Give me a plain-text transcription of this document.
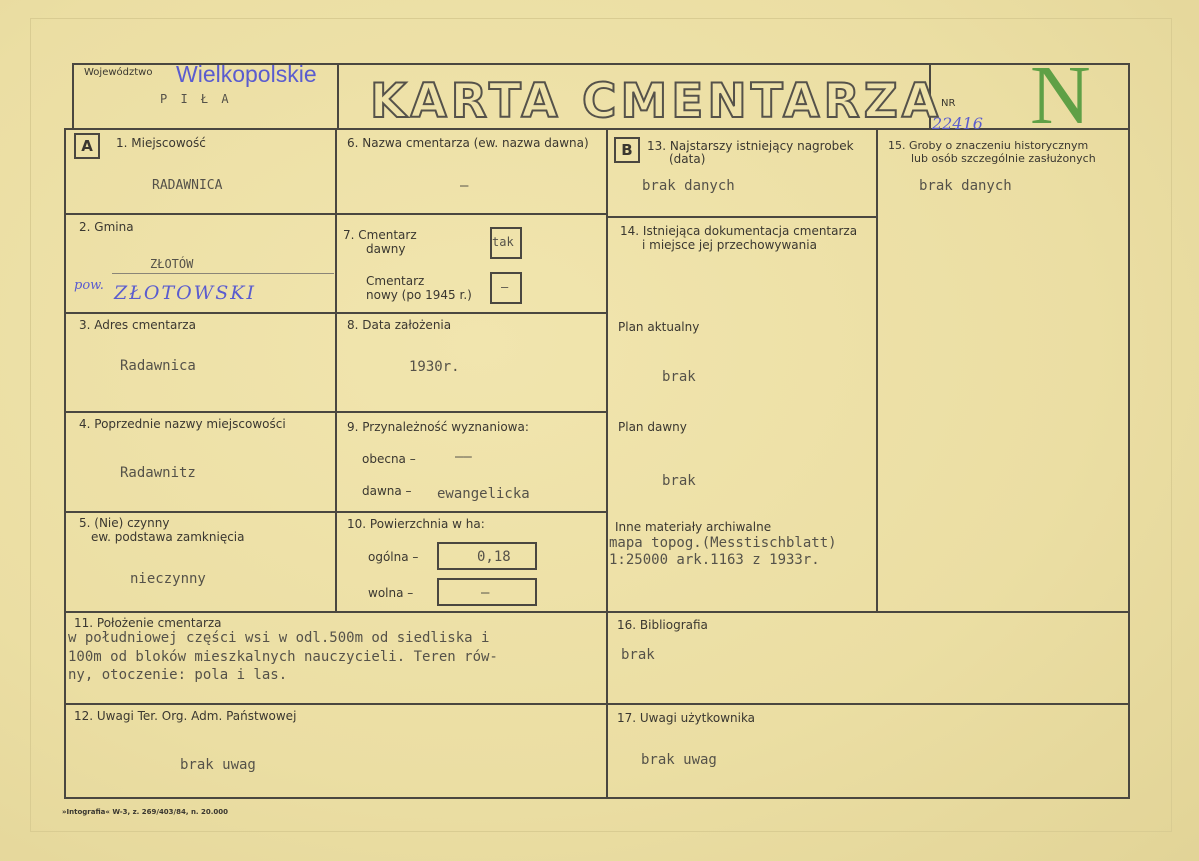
Województwo Wielkopolskie
P I Ł A	KARTA CMENTARZA
NR
22416 N
A	B
1. Miejscowość
RADAWNICA
2. Gmina
ZŁOTÓW
pow. ZŁOTOWSKI
3. Adres cmentarza
Radawnica
4. Poprzednie nazwy miejscowości
Radawnitz
5. (Nie) czynny
ew. podstawa zamknięcia
nieczynny
6. Nazwa cmentarza (ew. nazwa dawna)
–
7. Cmentarz
dawny	tak
Cmentarz
nowy (po 1945 r.)
–
8. Data założenia
1930r.
9. Przynależność wyznaniowa:
obecna –	––
dawna – ewangelicka
10. Powierzchnia w ha:
ogólna –	0,18
wolna –	–
13. Najstarszy istniejący nagrobek
(data)
brak danych
14. Istniejąca dokumentacja cmentarza
i miejsce jej przechowywania
Plan aktualny
brak
Plan dawny
brak
Inne materiały archiwalne
mapa topog.(Messtischblatt)
1:25000 ark.1163 z 1933r.
15. Groby o znaczeniu historycznym
lub osób szczególnie zasłużonych
brak danych
11. Położenie cmentarza
w południowej części wsi w odl.500m od siedliska i
100m od bloków mieszkalnych nauczycieli. Teren rów-
ny, otoczenie: pola i las.
16. Bibliografia
brak
12. Uwagi Ter. Org. Adm. Państwowej
brak uwag
17. Uwagi użytkownika
brak uwag
»Intografia« W-3, z. 269/403/84, n. 20.000
